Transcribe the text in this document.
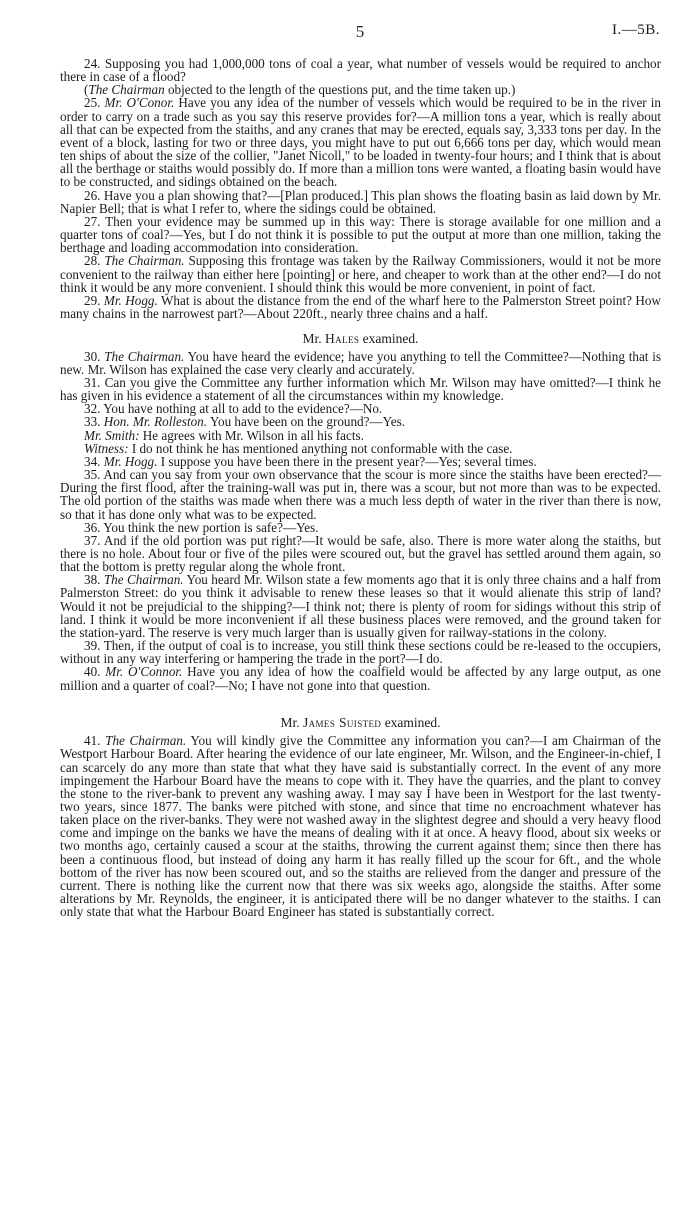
5	I.—5B.

24. Supposing you had 1,000,000 tons of coal a year, what number of vessels would be required to anchor there in case of a flood?

(The Chairman objected to the length of the questions put, and the time taken up.)

25. Mr. O'Conor. Have you any idea of the number of vessels which would be required to be in the river in order to carry on a trade such as you say this reserve provides for?—A million tons a year, which is really about all that can be expected from the staiths, and any cranes that may be erected, equals say, 3,333 tons per day. In the event of a block, lasting for two or three days, you might have to put out 6,666 tons per day, which would mean ten ships of about the size of the collier, "Janet Nicoll," to be loaded in twenty-four hours; and I think that is about all the berthage or staiths would possibly do. If more than a million tons were wanted, a floating basin would have to be constructed, and sidings obtained on the beach.

26. Have you a plan showing that?—[Plan produced.] This plan shows the floating basin as laid down by Mr. Napier Bell; that is what I refer to, where the sidings could be obtained.

27. Then your evidence may be summed up in this way: There is storage available for one million and a quarter tons of coal?—Yes, but I do not think it is possible to put the output at more than one million, taking the berthage and loading accommodation into consideration.

28. The Chairman. Supposing this frontage was taken by the Railway Commissioners, would it not be more convenient to the railway than either here [pointing] or here, and cheaper to work than at the other end?—I do not think it would be any more convenient. I should think this would be more convenient, in point of fact.

29. Mr. Hogg. What is about the distance from the end of the wharf here to the Palmerston Street point? How many chains in the narrowest part?—About 220ft., nearly three chains and a half.

Mr. Hales examined.

30. The Chairman. You have heard the evidence; have you anything to tell the Committee?—Nothing that is new. Mr. Wilson has explained the case very clearly and accurately.

31. Can you give the Committee any further information which Mr. Wilson may have omitted?—I think he has given in his evidence a statement of all the circumstances within my knowledge.

32. You have nothing at all to add to the evidence?—No.

33. Hon. Mr. Rolleston. You have been on the ground?—Yes.

Mr. Smith: He agrees with Mr. Wilson in all his facts.

Witness: I do not think he has mentioned anything not conformable with the case.

34. Mr. Hogg. I suppose you have been there in the present year?—Yes; several times.

35. And can you say from your own observance that the scour is more since the staiths have been erected?—During the first flood, after the training-wall was put in, there was a scour, but not more than was to be expected. The old portion of the staiths was made when there was a much less depth of water in the river than there is now, so that it has done only what was to be expected.

36. You think the new portion is safe?—Yes.

37. And if the old portion was put right?—It would be safe, also. There is more water along the staiths, but there is no hole. About four or five of the piles were scoured out, but the gravel has settled around them again, so that the bottom is pretty regular along the whole front.

38. The Chairman. You heard Mr. Wilson state a few moments ago that it is only three chains and a half from Palmerston Street: do you think it advisable to renew these leases so that it would alienate this strip of land? Would it not be prejudicial to the shipping?—I think not; there is plenty of room for sidings without this strip of land. I think it would be more inconvenient if all these business places were removed, and the ground taken for the station-yard. The reserve is very much larger than is usually given for railway-stations in the colony.

39. Then, if the output of coal is to increase, you still think these sections could be re-leased to the occupiers, without in any way interfering or hampering the trade in the port?—I do.

40. Mr. O'Connor. Have you any idea of how the coalfield would be affected by any large output, as one million and a quarter of coal?—No; I have not gone into that question.

Mr. James Suisted examined.

41. The Chairman. You will kindly give the Committee any information you can?—I am Chairman of the Westport Harbour Board. After hearing the evidence of our late engineer, Mr. Wilson, and the Engineer-in-chief, I can scarcely do any more than state that what they have said is substantially correct. In the event of any more impingement the Harbour Board have the means to cope with it. They have the quarries, and the plant to convey the stone to the river-bank to prevent any washing away. I may say I have been in Westport for the last twenty-two years, since 1877. The banks were pitched with stone, and since that time no encroachment whatever has taken place on the river-banks. They were not washed away in the slightest degree and should a very heavy flood come and impinge on the banks we have the means of dealing with it at once. A heavy flood, about six weeks or two months ago, certainly caused a scour at the staiths, throwing the current against them; since then there has been a continuous flood, but instead of doing any harm it has really filled up the scour for 6ft., and the whole bottom of the river has now been scoured out, and so the staiths are relieved from the danger and pressure of the current. There is nothing like the current now that there was six weeks ago, alongside the staiths. After some alterations by Mr. Reynolds, the engineer, it is anticipated there will be no danger whatever to the staiths. I can only state that what the Harbour Board Engineer has stated is substantially correct.
